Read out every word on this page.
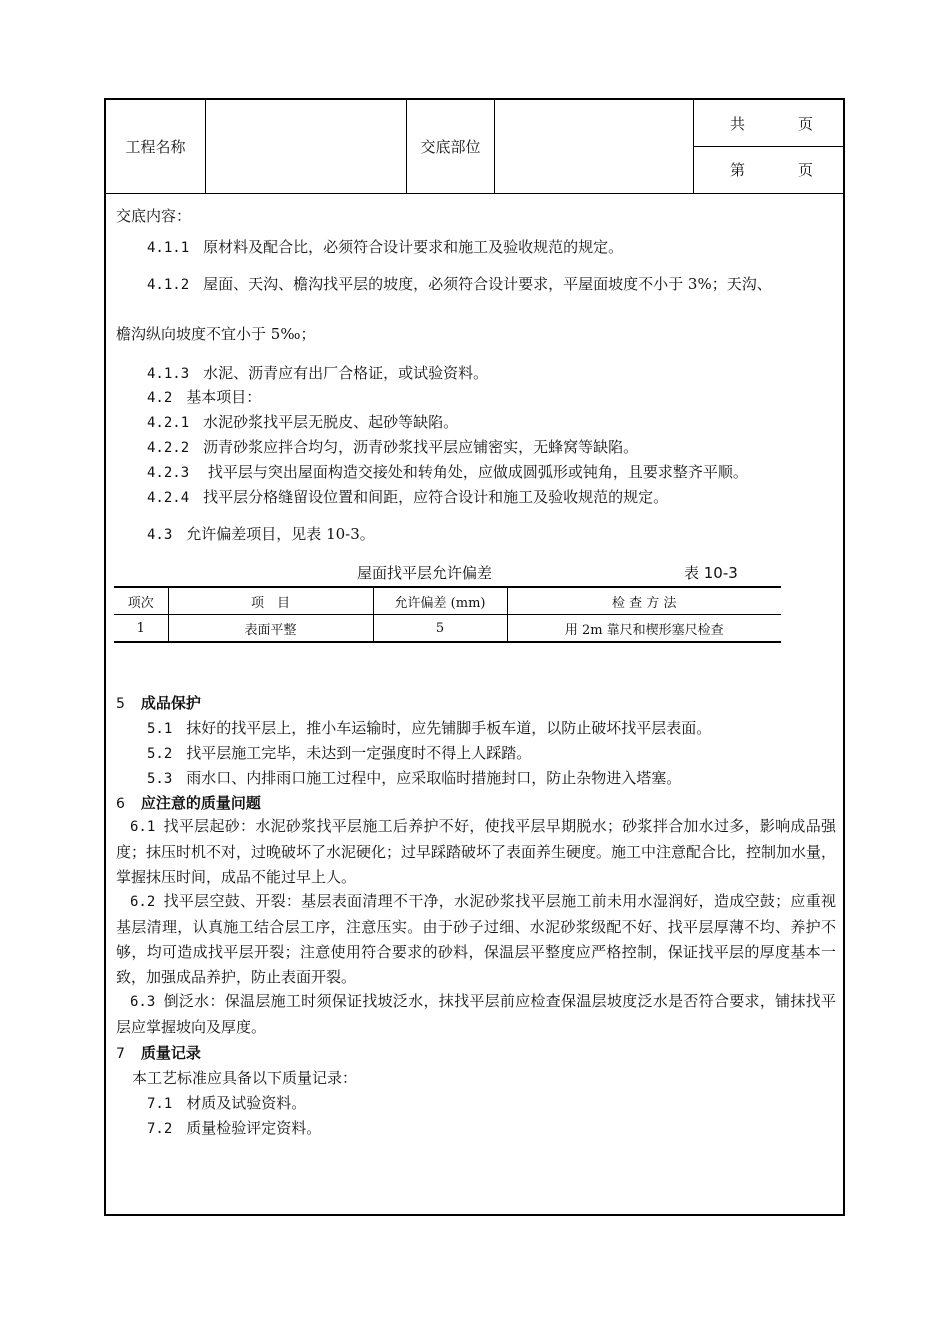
工程名称	交底部位
共	页
第	页
交底内容：
4.1.1 原材料及配合比，必须符合设计要求和施工及验收规范的规定。
4.1.2 屋面、天沟、檐沟找平层的坡度，必须符合设计要求，平屋面坡度不小于 3%；天沟、
檐沟纵向坡度不宜小于 5‰；
4.1.3 水泥、沥青应有出厂合格证，或试验资料。
4.2 基本项目：
4.2.1 水泥砂浆找平层无脱皮、起砂等缺陷。
4.2.2 沥青砂浆应拌合均匀，沥青砂浆找平层应铺密实，无蜂窝等缺陷。
4.2.3 找平层与突出屋面构造交接处和转角处，应做成圆弧形或钝角，且要求整齐平顺。
4.2.4 找平层分格缝留设位置和间距，应符合设计和施工及验收规范的规定。
4.3 允许偏差项目，见表 10-3。
屋面找平层允许偏差	表 10-3
项次	项　目	允许偏差 (mm)	检 查 方 法
1	表面平整	5	用 2m 靠尺和楔形塞尺检查
5 成品保护
5.1 抹好的找平层上，推小车运输时，应先铺脚手板车道，以防止破坏找平层表面。
5.2 找平层施工完毕，未达到一定强度时不得上人踩踏。
5.3 雨水口、内排雨口施工过程中，应采取临时措施封口，防止杂物进入塔塞。
6 应注意的质量问题
6.1 找平层起砂：水泥砂浆找平层施工后养护不好，使找平层早期脱水；砂浆拌合加水过多，影响成品强度；抹压时机不对，过晚破坏了水泥硬化；过早踩踏破坏了表面养生硬度。施工中注意配合比，控制加水量，掌握抹压时间，成品不能过早上人。
6.2 找平层空鼓、开裂：基层表面清理不干净，水泥砂浆找平层施工前未用水湿润好，造成空鼓；应重视基层清理，认真施工结合层工序，注意压实。由于砂子过细、水泥砂浆级配不好、找平层厚薄不均、养护不够，均可造成找平层开裂；注意使用符合要求的砂料，保温层平整度应严格控制，保证找平层的厚度基本一致，加强成品养护，防止表面开裂。
6.3 倒泛水：保温层施工时须保证找坡泛水，抹找平层前应检查保温层坡度泛水是否符合要求，铺抹找平层应掌握坡向及厚度。
7 质量记录
本工艺标准应具备以下质量记录：
7.1 材质及试验资料。
7.2 质量检验评定资料。
